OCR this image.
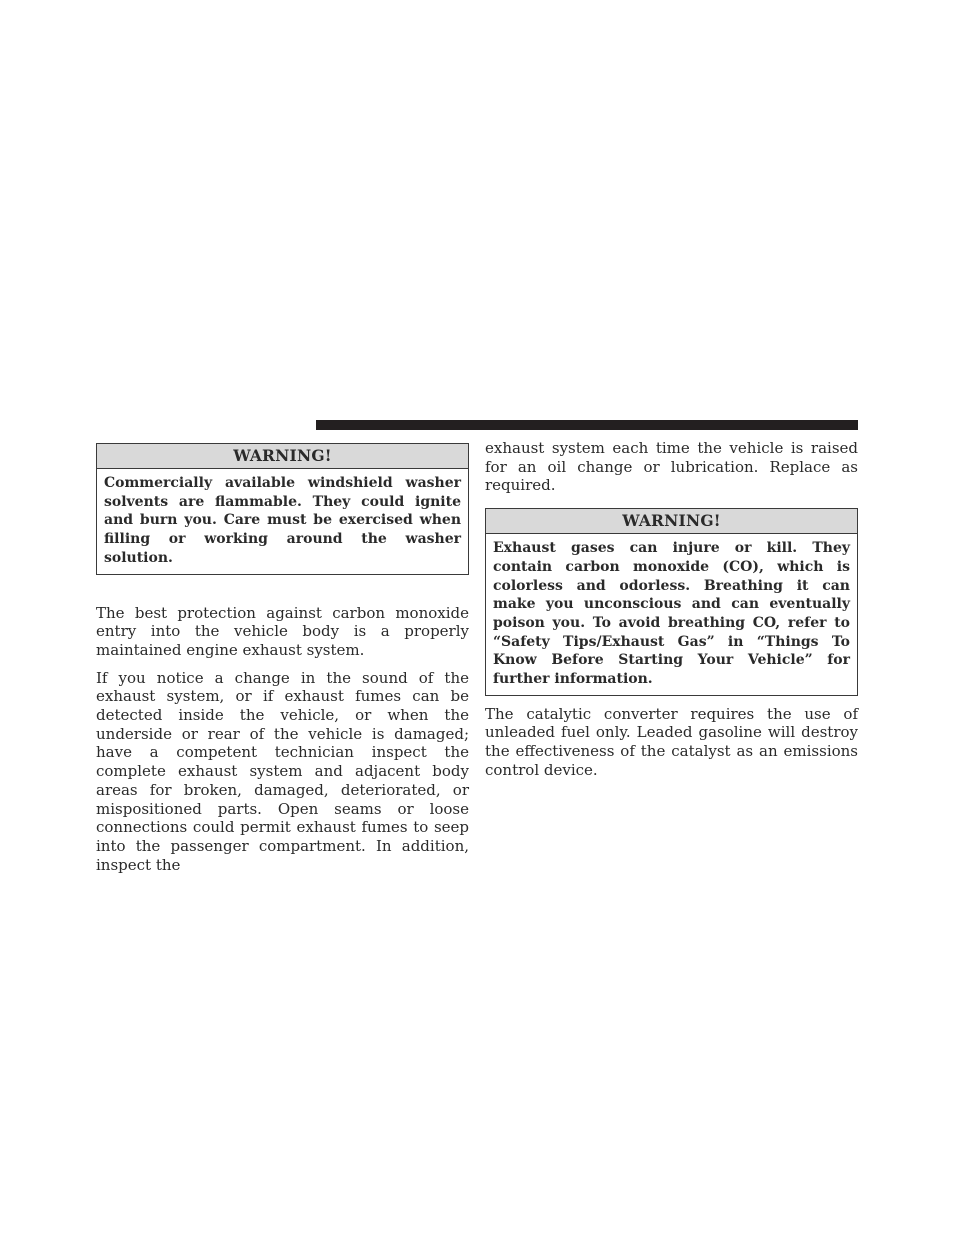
WARNING!
Commercially available windshield washer solvents are flammable. They could ignite and burn you. Care must be exercised when filling or working around the washer solution.

The best protection against carbon monoxide entry into the vehicle body is a properly maintained engine exhaust system.

If you notice a change in the sound of the exhaust system, or if exhaust fumes can be detected inside the vehicle, or when the underside or rear of the vehicle is damaged; have a competent technician inspect the complete exhaust system and adjacent body areas for broken, damaged, deteriorated, or mispositioned parts. Open seams or loose connections could permit exhaust fumes to seep into the passenger compartment. In addition, inspect the

exhaust system each time the vehicle is raised for an oil change or lubrication. Replace as required.

WARNING!
Exhaust gases can injure or kill. They contain carbon monoxide (CO), which is colorless and odorless. Breathing it can make you unconscious and can eventually poison you. To avoid breathing CO, refer to “Safety Tips/Exhaust Gas” in “Things To Know Before Starting Your Vehicle” for further information.

The catalytic converter requires the use of unleaded fuel only. Leaded gasoline will destroy the effectiveness of the catalyst as an emissions control device.
